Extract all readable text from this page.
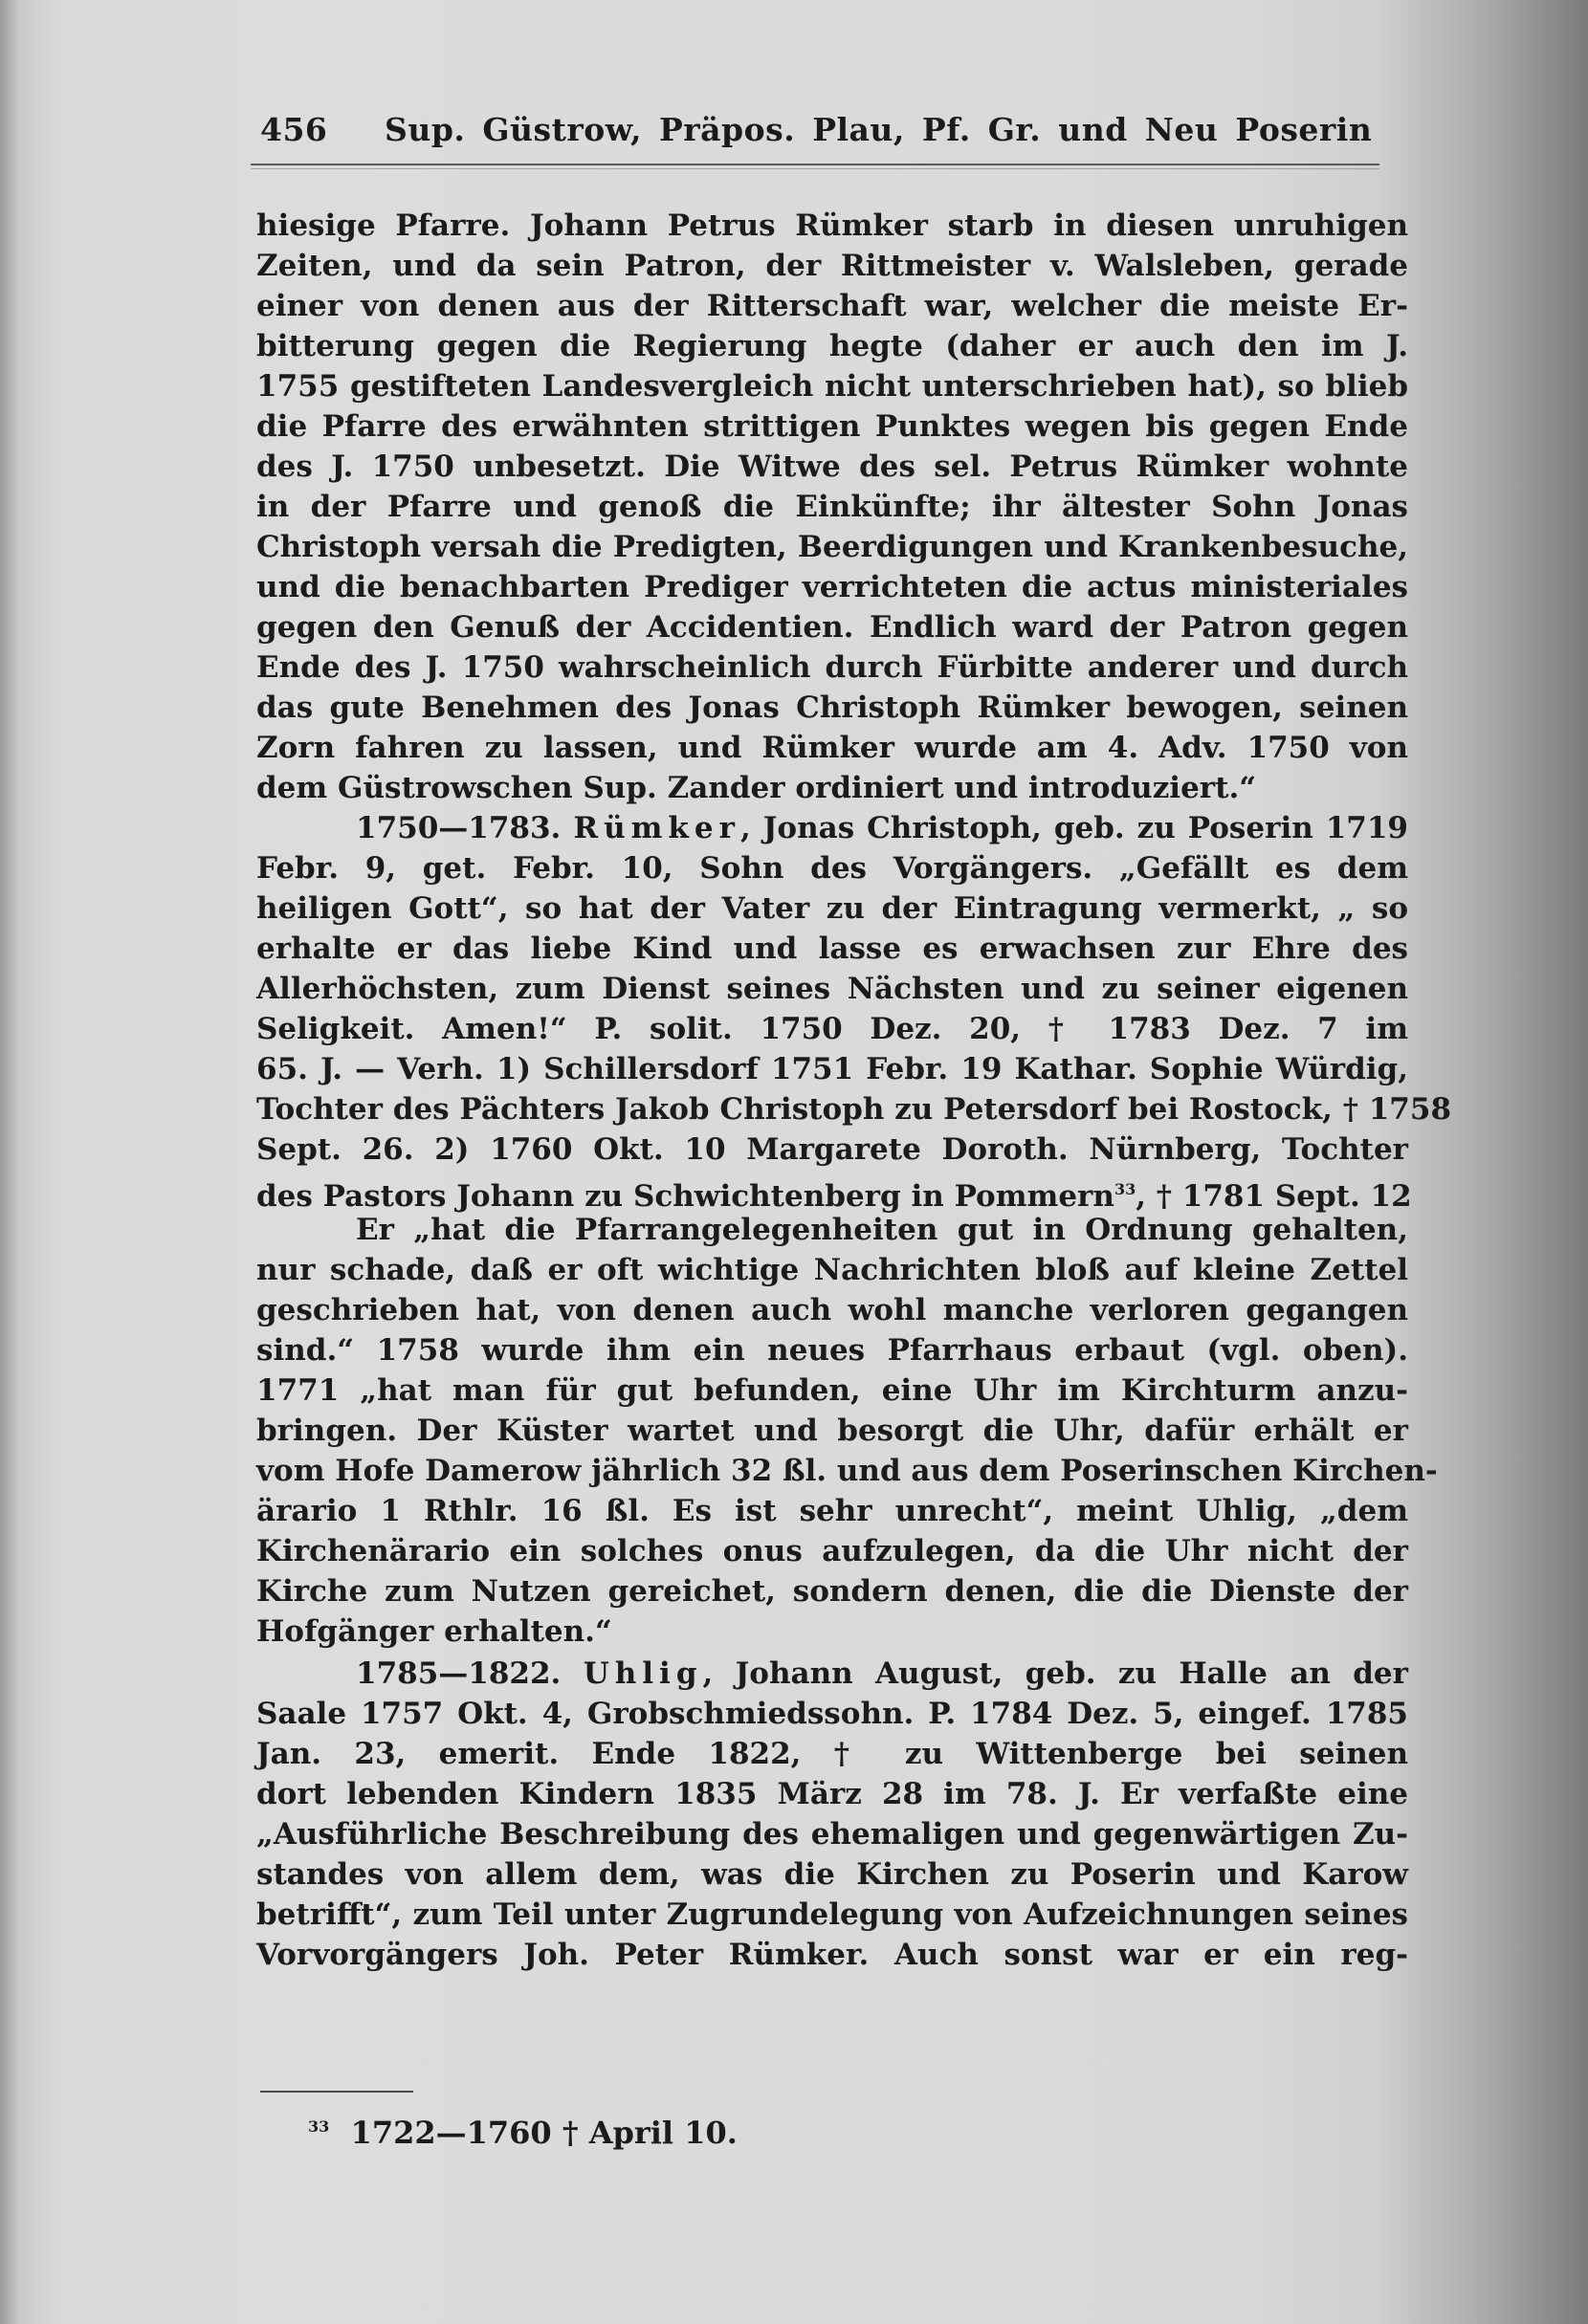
456 Sup. Güstrow, Präpos. Plau, Pf. Gr. und Neu Poserin
hiesige Pfarre. Johann Petrus Rümker starb in diesen unruhigen
Zeiten, und da sein Patron, der Rittmeister v. Walsleben, gerade
einer von denen aus der Ritterschaft war, welcher die meiste Er-
bitterung gegen die Regierung hegte (daher er auch den im J.
1755 gestifteten Landesvergleich nicht unterschrieben hat), so blieb
die Pfarre des erwähnten strittigen Punktes wegen bis gegen Ende
des J. 1750 unbesetzt. Die Witwe des sel. Petrus Rümker wohnte
in der Pfarre und genoß die Einkünfte; ihr ältester Sohn Jonas
Christoph versah die Predigten, Beerdigungen und Krankenbesuche,
und die benachbarten Prediger verrichteten die actus ministeriales
gegen den Genuß der Accidentien. Endlich ward der Patron gegen
Ende des J. 1750 wahrscheinlich durch Fürbitte anderer und durch
das gute Benehmen des Jonas Christoph Rümker bewogen, seinen
Zorn fahren zu lassen, und Rümker wurde am 4. Adv. 1750 von
dem Güstrowschen Sup. Zander ordiniert und introduziert.“
1750—1783. Rümker, Jonas Christoph, geb. zu Poserin 1719
Febr. 9, get. Febr. 10, Sohn des Vorgängers. „Gefällt es dem
heiligen Gott“, so hat der Vater zu der Eintragung vermerkt, „ so
erhalte er das liebe Kind und lasse es erwachsen zur Ehre des
Allerhöchsten, zum Dienst seines Nächsten und zu seiner eigenen
Seligkeit. Amen!“ P. solit. 1750 Dez. 20, † 1783 Dez. 7 im
65. J. — Verh. 1) Schillersdorf 1751 Febr. 19 Kathar. Sophie Würdig,
Tochter des Pächters Jakob Christoph zu Petersdorf bei Rostock, † 1758
Sept. 26. 2) 1760 Okt. 10 Margarete Doroth. Nürnberg, Tochter
des Pastors Johann zu Schwichtenberg in Pommern$^{33}$, † 1781 Sept. 12
Er „hat die Pfarrangelegenheiten gut in Ordnung gehalten,
nur schade, daß er oft wichtige Nachrichten bloß auf kleine Zettel
geschrieben hat, von denen auch wohl manche verloren gegangen
sind.“ 1758 wurde ihm ein neues Pfarrhaus erbaut (vgl. oben).
1771 „hat man für gut befunden, eine Uhr im Kirchturm anzu-
bringen. Der Küster wartet und besorgt die Uhr, dafür erhält er
vom Hofe Damerow jährlich 32 ßl. und aus dem Poserinschen Kirchen-
ärario 1 Rthlr. 16 ßl. Es ist sehr unrecht“, meint Uhlig, „dem
Kirchenärario ein solches onus aufzulegen, da die Uhr nicht der
Kirche zum Nutzen gereichet, sondern denen, die die Dienste der
Hofgänger erhalten.“
1785—1822. Uhlig, Johann August, geb. zu Halle an der
Saale 1757 Okt. 4, Grobschmiedssohn. P. 1784 Dez. 5, eingef. 1785
Jan. 23, emerit. Ende 1822, † zu Wittenberge bei seinen
dort lebenden Kindern 1835 März 28 im 78. J. Er verfaßte eine
„Ausführliche Beschreibung des ehemaligen und gegenwärtigen Zu-
standes von allem dem, was die Kirchen zu Poserin und Karow
betrifft“, zum Teil unter Zugrundelegung von Aufzeichnungen seines
Vorvorgängers Joh. Peter Rümker. Auch sonst war er ein reg-
$^{33}$ 1722—1760 † April 10.
